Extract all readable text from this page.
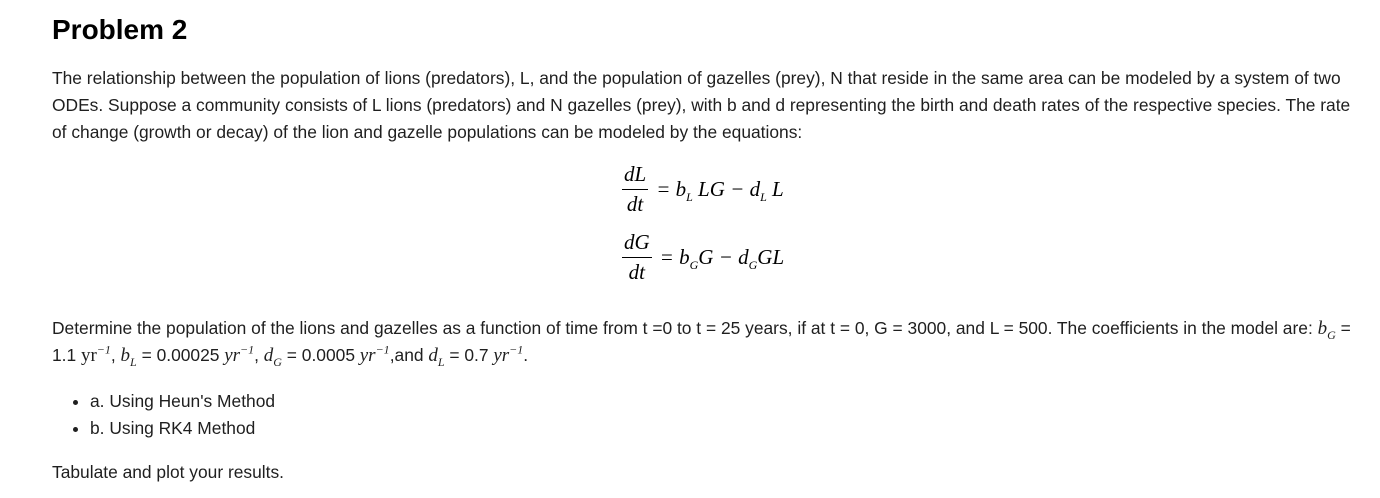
Problem 2
The relationship between the population of lions (predators), L, and the population of gazelles (prey), N that reside in the same area can be modeled by a system of two ODEs. Suppose a community consists of L lions (predators) and N gazelles (prey), with b and d representing the birth and death rates of the respective species. The rate of change (growth or decay) of the lion and gazelle populations can be modeled by the equations:
$\frac{dL}{dt} = b_L$ LG − $d_L$ L
$\frac{dG}{dt} = b_GG - d_GGL$
Determine the population of the lions and gazelles as a function of time from t =0 to t = 25 years, if at t = 0, G = 3000, and L = 500. The coefficients in the model are: $b_G = 1.1$ $yr^{-1}$, $b_L = 0.00025$ $yr^{-1}$, $d_G = 0.0005$ $yr^{-1},and$ $d_L = 0.7$ $yr^{-1}$.
• a. Using Heun's Method
• b. Using RK4 Method
Tabulate and plot your results.
